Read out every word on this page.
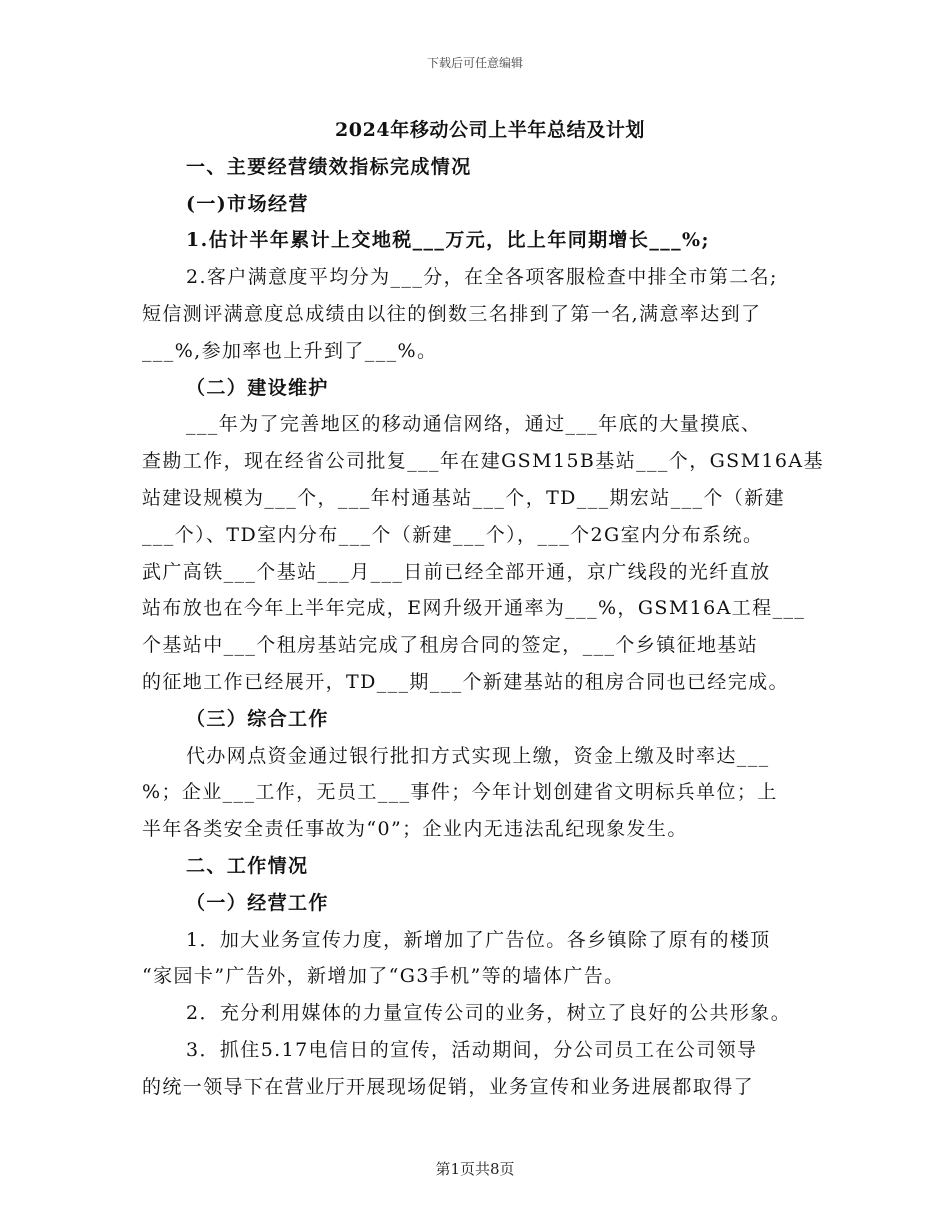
下载后可任意编辑
2024年移动公司上半年总结及计划
一、主要经营绩效指标完成情况
(一)市场经营
1.估计半年累计上交地税___万元，比上年同期增长___%;
2.客户满意度平均分为___分，在全各项客服检查中排全市第二名;
短信测评满意度总成绩由以往的倒数三名排到了第一名,满意率达到了
___%,参加率也上升到了___%。
（二）建设维护
___年为了完善地区的移动通信网络，通过___年底的大量摸底、
查勘工作，现在经省公司批复___年在建GSM15B基站___个，GSM16A基
站建设规模为___个，___年村通基站___个，TD___期宏站___个（新建
___个）、TD室内分布___个（新建___个），___个2G室内分布系统。
武广高铁___个基站___月___日前已经全部开通，京广线段的光纤直放
站布放也在今年上半年完成，E网升级开通率为___%，GSM16A工程___
个基站中___个租房基站完成了租房合同的签定，___个乡镇征地基站
的征地工作已经展开，TD___期___个新建基站的租房合同也已经完成。
（三）综合工作
代办网点资金通过银行批扣方式实现上缴，资金上缴及时率达___
%；企业___工作，无员工___事件；今年计划创建省文明标兵单位；上
半年各类安全责任事故为“0”；企业内无违法乱纪现象发生。
二、工作情况
（一）经营工作
1．加大业务宣传力度，新增加了广告位。各乡镇除了原有的楼顶
“家园卡”广告外，新增加了“G3手机”等的墙体广告。
2．充分利用媒体的力量宣传公司的业务，树立了良好的公共形象。
3．抓住5.17电信日的宣传，活动期间，分公司员工在公司领导
的统一领导下在营业厅开展现场促销，业务宣传和业务进展都取得了
第1页共8页
